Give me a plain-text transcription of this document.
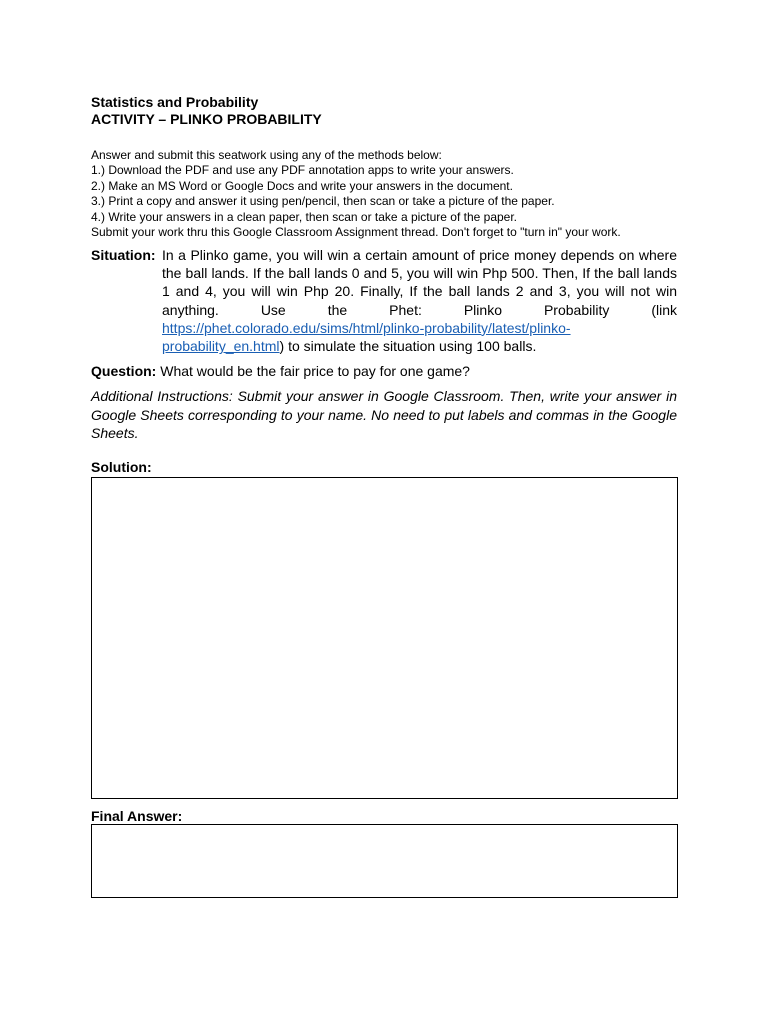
Statistics and Probability
ACTIVITY – PLINKO PROBABILITY
Answer and submit this seatwork using any of the methods below:
1.) Download the PDF and use any PDF annotation apps to write your answers.
2.) Make an MS Word or Google Docs and write your answers in the document.
3.) Print a copy and answer it using pen/pencil, then scan or take a picture of the paper.
4.) Write your answers in a clean paper, then scan or take a picture of the paper.
Submit your work thru this Google Classroom Assignment thread. Don't forget to "turn in" your work.
Situation: In a Plinko game, you will win a certain amount of price money depends on where the ball lands. If the ball lands 0 and 5, you will win Php 500. Then, If the ball lands 1 and 4, you will win Php 20. Finally, If the ball lands 2 and 3, you will not win anything. Use the Phet: Plinko Probability (link https://phet.colorado.edu/sims/html/plinko-probability/latest/plinko-probability_en.html) to simulate the situation using 100 balls.
Question: What would be the fair price to pay for one game?
Additional Instructions: Submit your answer in Google Classroom. Then, write your answer in Google Sheets corresponding to your name. No need to put labels and commas in the Google Sheets.
Solution:
Final Answer:
